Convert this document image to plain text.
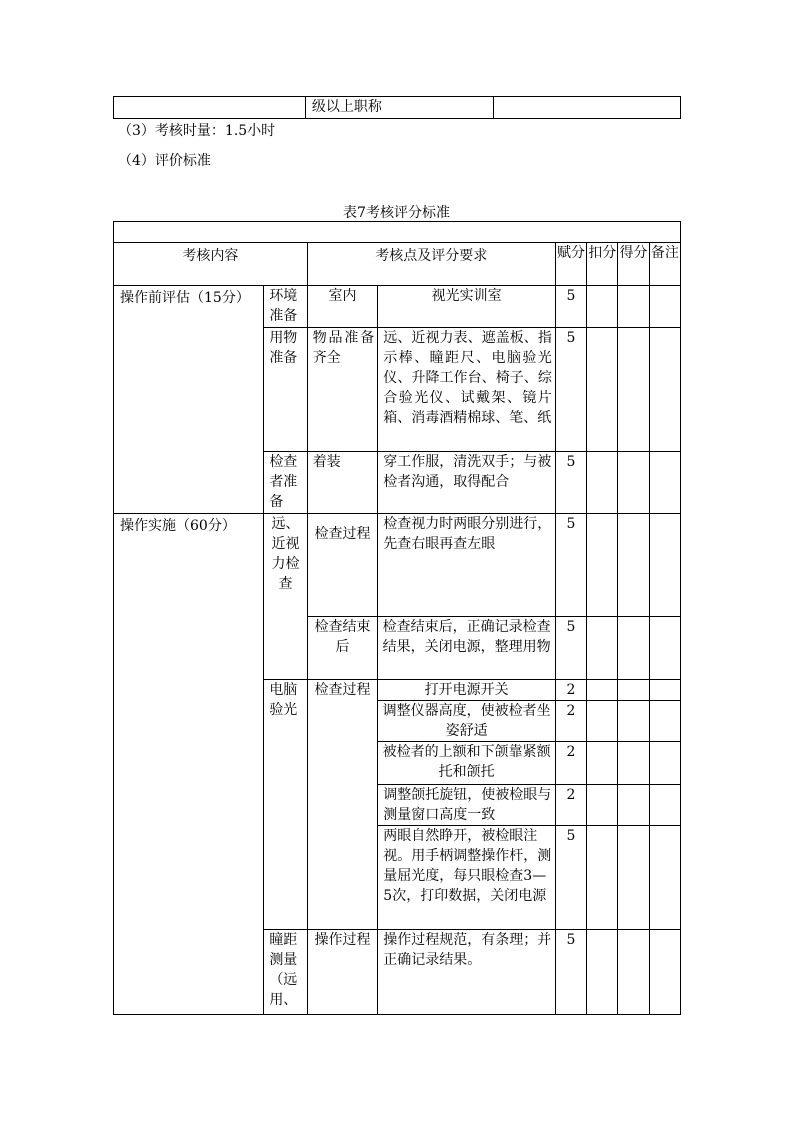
	级以上职称	
（3）考核时量：1.5小时
（4）评价标准
表7考核评分标准

考核内容		考核点及评分要求		赋分	扣分	得分	备注
操作前评估（15分）	环境准备	室内	视光实训室	5			
	用物准备	物品准备齐全	远、近视力表、遮盖板、指示棒、瞳距尺、电脑验光仪、升降工作台、椅子、综合验光仪、试戴架、镜片箱、消毒酒精棉球、笔、纸	5			
	检查者准备	着装	穿工作服，清洗双手；与被检者沟通，取得配合	5			
操作实施（60分）	远、近视力检查	检查过程	检查视力时两眼分别进行，先查右眼再查左眼	5			
		检查结束后	检查结束后，正确记录检查结果，关闭电源，整理用物	5			
	电脑验光	检查过程	打开电源开关	2			
			调整仪器高度，使被检者坐姿舒适	2			
			被检者的上额和下颌靠紧额托和颌托	2			
			调整颌托旋钮，使被检眼与测量窗口高度一致	2			
			两眼自然睁开，被检眼注视。用手柄调整操作杆，测量屈光度，每只眼检查3—5次，打印数据，关闭电源	5			
	瞳距测量（远用、	操作过程	操作过程规范，有条理；并正确记录结果。	5			
